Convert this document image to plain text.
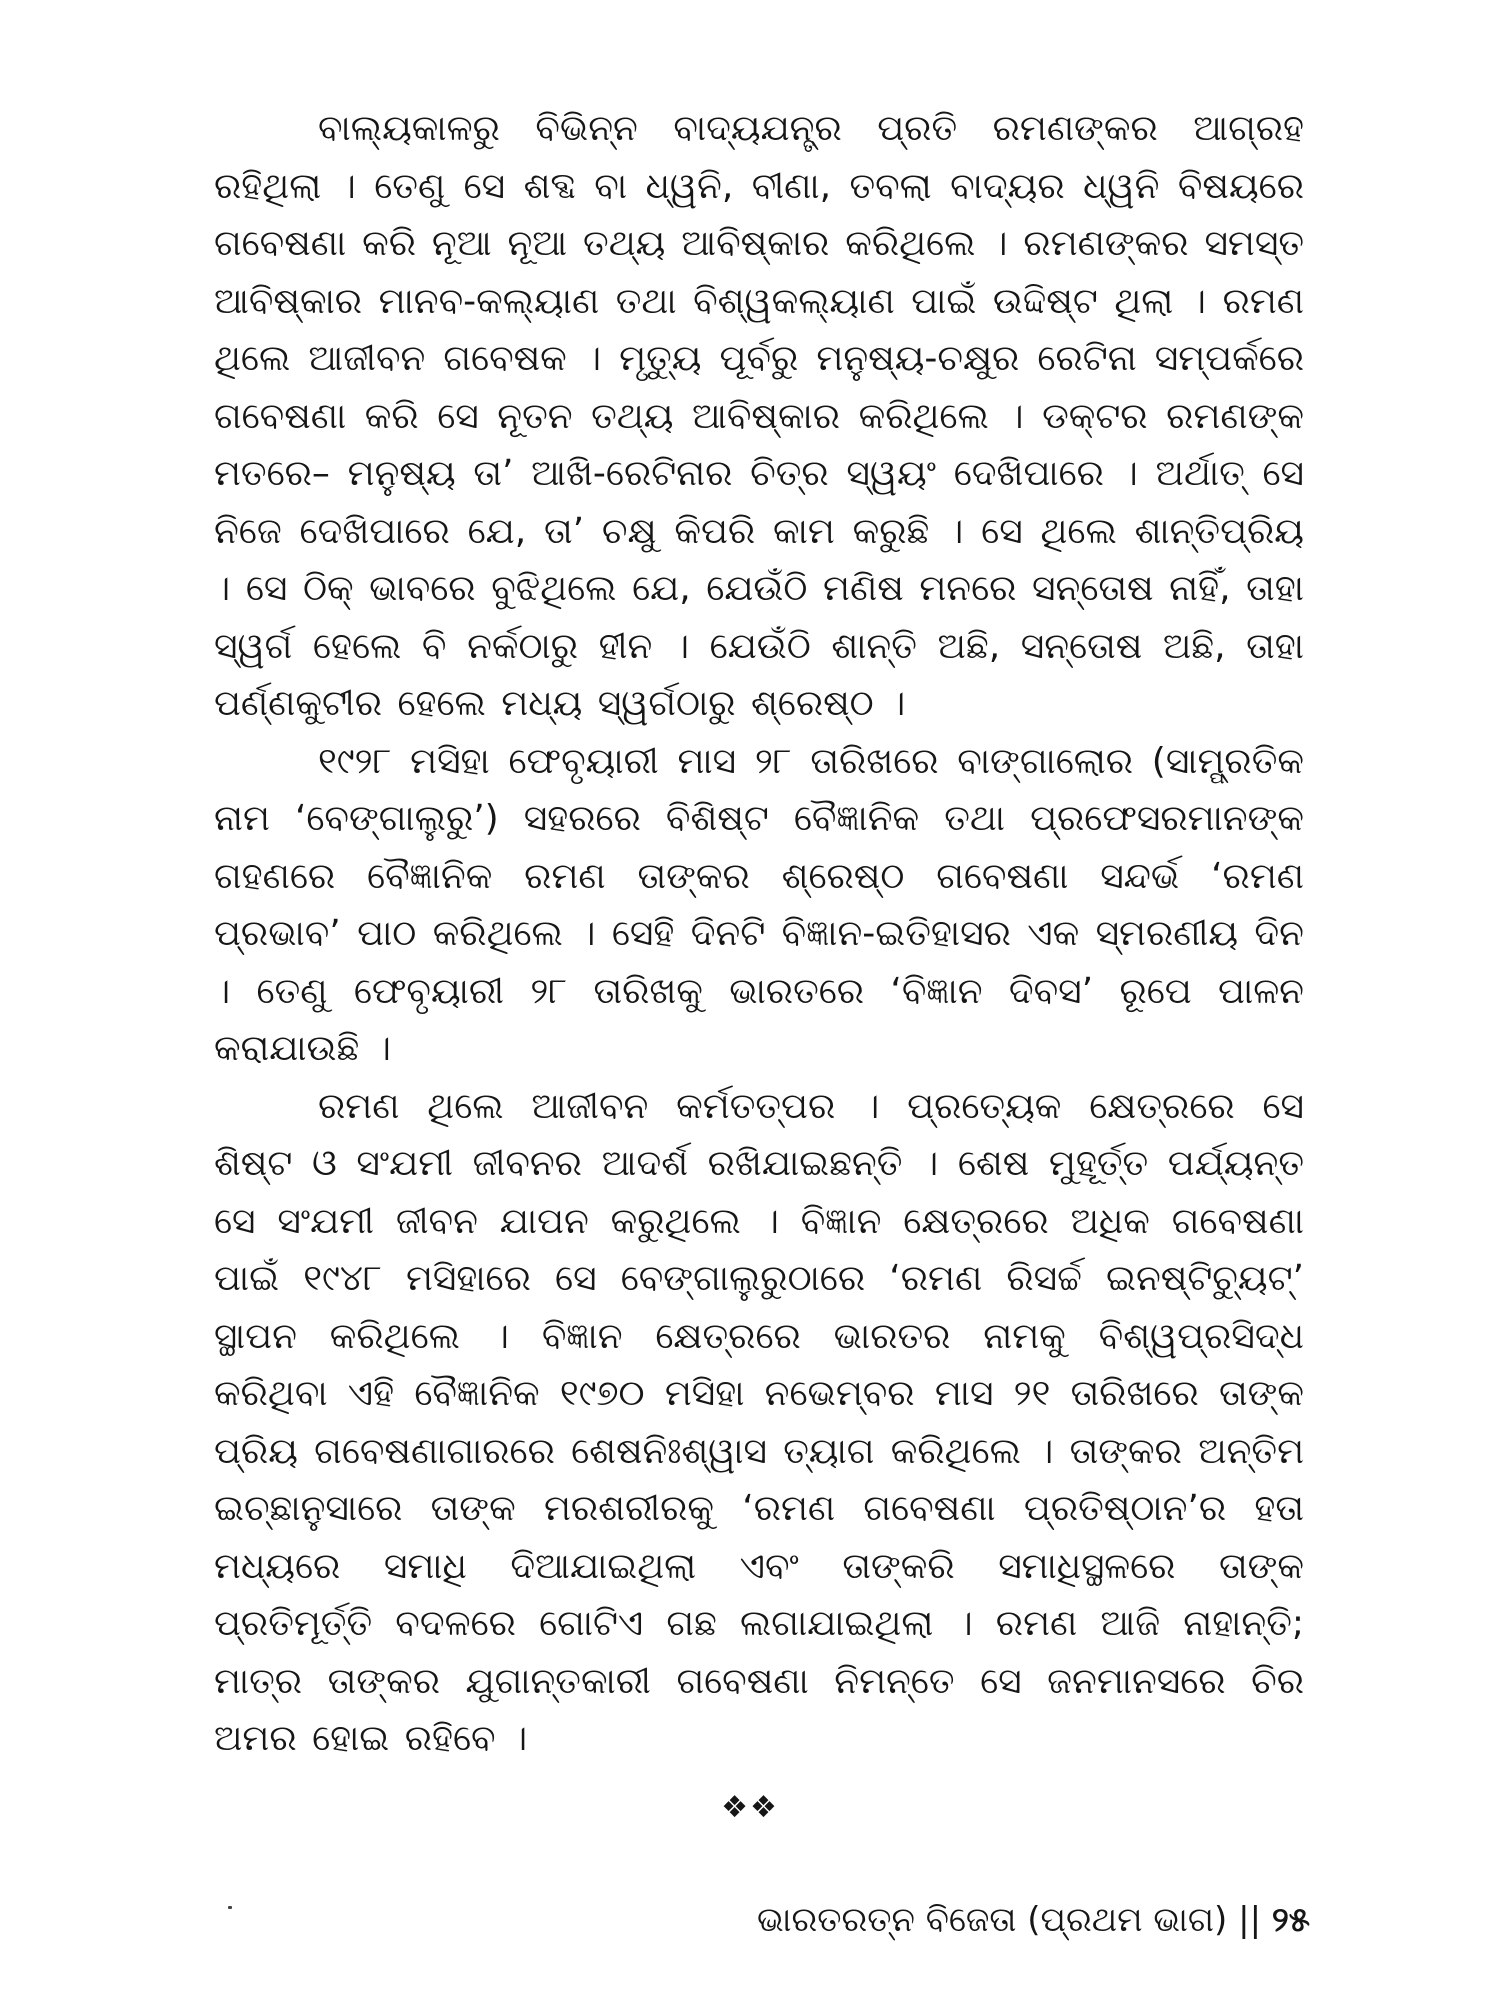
ବାଲ୍ୟକାଳରୁ ବିଭିନ୍ନ ବାଦ୍ୟଯନ୍ତ୍ର ପ୍ରତି ରମଣଙ୍କର ଆଗ୍ରହ ରହିଥିଲା । ତେଣୁ ସେ ଶବ୍ଦ ବା ଧ୍ୱନି, ବୀଣା, ତବଲା ବାଦ୍ୟର ଧ୍ୱନି ବିଷୟରେ ଗବେଷଣା କରି ନୂଆ ନୂଆ ତଥ୍ୟ ଆବିଷ୍କାର କରିଥିଲେ । ରମଣଙ୍କର ସମସ୍ତ ଆବିଷ୍କାର ମାନବ-କଲ୍ୟାଣ ତଥା ବିଶ୍ୱକଲ୍ୟାଣ ପାଇଁ ଉଦ୍ଦିଷ୍ଟ ଥିଲା । ରମଣ ଥିଲେ ଆଜୀବନ ଗବେଷକ । ମୃତ୍ୟୁ ପୂର୍ବରୁ ମନୁଷ୍ୟ-ଚକ୍ଷୁର ରେଟିନା ସମ୍ପର୍କରେ ଗବେଷଣା କରି ସେ ନୂତନ ତଥ୍ୟ ଆବିଷ୍କାର କରିଥିଲେ । ଡକ୍ଟର ରମଣଙ୍କ ମତରେ– ମନୁଷ୍ୟ ତା’ ଆଖି-ରେଟିନାର ଚିତ୍ର ସ୍ୱୟଂ ଦେଖିପାରେ । ଅର୍ଥାତ୍ ସେ ନିଜେ ଦେଖିପାରେ ଯେ, ତା’ ଚକ୍ଷୁ କିପରି କାମ କରୁଛି । ସେ ଥିଲେ ଶାନ୍ତିପ୍ରିୟ । ସେ ଠିକ୍ ଭାବରେ ବୁଝିଥିଲେ ଯେ, ଯେଉଁଠି ମଣିଷ ମନରେ ସନ୍ତୋଷ ନାହିଁ, ତାହା ସ୍ୱର୍ଗ ହେଲେ ବି ନର୍କଠାରୁ ହୀନ । ଯେଉଁଠି ଶାନ୍ତି ଅଛି, ସନ୍ତୋଷ ଅଛି, ତାହା ପର୍ଣ୍ଣକୁଟୀର ହେଲେ ମଧ୍ୟ ସ୍ୱର୍ଗଠାରୁ ଶ୍ରେଷ୍ଠ ।

୧୯୨୮ ମସିହା ଫେବୃୟାରୀ ମାସ ୨୮ ତାରିଖରେ ବାଙ୍ଗାଲୋର (ସାମ୍ପ୍ରତିକ ନାମ ‘ବେଙ୍ଗାଲୁରୁ’) ସହରରେ ବିଶିଷ୍ଟ ବୈଜ୍ଞାନିକ ତଥା ପ୍ରଫେସରମାନଙ୍କ ଗହଣରେ ବୈଜ୍ଞାନିକ ରମଣ ତାଙ୍କର ଶ୍ରେଷ୍ଠ ଗବେଷଣା ସନ୍ଦର୍ଭ ‘ରମଣ ପ୍ରଭାବ’ ପାଠ କରିଥିଲେ । ସେହି ଦିନଟି ବିଜ୍ଞାନ-ଇତିହାସର ଏକ ସ୍ମରଣୀୟ ଦିନ । ତେଣୁ ଫେବୃୟାରୀ ୨୮ ତାରିଖକୁ ଭାରତରେ ‘ବିଜ୍ଞାନ ଦିବସ’ ରୂପେ ପାଳନ କରାଯାଉଛି ।

ରମଣ ଥିଲେ ଆଜୀବନ କର୍ମତତ୍ପର । ପ୍ରତ୍ୟେକ କ୍ଷେତ୍ରରେ ସେ ଶିଷ୍ଟ ଓ ସଂଯମୀ ଜୀବନର ଆଦର୍ଶ ରଖିଯାଇଛନ୍ତି । ଶେଷ ମୁହୂର୍ତ୍ତ ପର୍ଯ୍ୟନ୍ତ ସେ ସଂଯମୀ ଜୀବନ ଯାପନ କରୁଥିଲେ । ବିଜ୍ଞାନ କ୍ଷେତ୍ରରେ ଅଧିକ ଗବେଷଣା ପାଇଁ ୧୯୪୮ ମସିହାରେ ସେ ବେଙ୍ଗାଲୁରୁଠାରେ ‘ରମଣ ରିସର୍ଚ୍ଚ ଇନଷ୍ଟିଚ୍ୟୁଟ୍’ ସ୍ଥାପନ କରିଥିଲେ । ବିଜ୍ଞାନ କ୍ଷେତ୍ରରେ ଭାରତର ନାମକୁ ବିଶ୍ୱପ୍ରସିଦ୍ଧ କରିଥିବା ଏହି ବୈଜ୍ଞାନିକ ୧୯୭୦ ମସିହା ନଭେମ୍ବର ମାସ ୨୧ ତାରିଖରେ ତାଙ୍କ ପ୍ରିୟ ଗବେଷଣାଗାରରେ ଶେଷନିଃଶ୍ୱାସ ତ୍ୟାଗ କରିଥିଲେ । ତାଙ୍କର ଅନ୍ତିମ ଇଚ୍ଛାନୁସାରେ ତାଙ୍କ ମରଶରୀରକୁ ‘ରମଣ ଗବେଷଣା ପ୍ରତିଷ୍ଠାନ’ର ହତା ମଧ୍ୟରେ ସମାଧି ଦିଆଯାଇଥିଲା ଏବଂ ତାଙ୍କରି ସମାଧିସ୍ଥଳରେ ତାଙ୍କ ପ୍ରତିମୂର୍ତ୍ତି ବଦଳରେ ଗୋଟିଏ ଗଛ ଲଗାଯାଇଥିଲା । ରମଣ ଆଜି ନାହାନ୍ତି; ମାତ୍ର ତାଙ୍କର ଯୁଗାନ୍ତକାରୀ ଗବେଷଣା ନିମନ୍ତେ ସେ ଜନମାନସରେ ଚିର ଅମର ହୋଇ ରହିବେ ।

❖❖
ଭାରତରତ୍ନ ବିଜେତା (ପ୍ରଥମ ଭାଗ) || ୨୫
